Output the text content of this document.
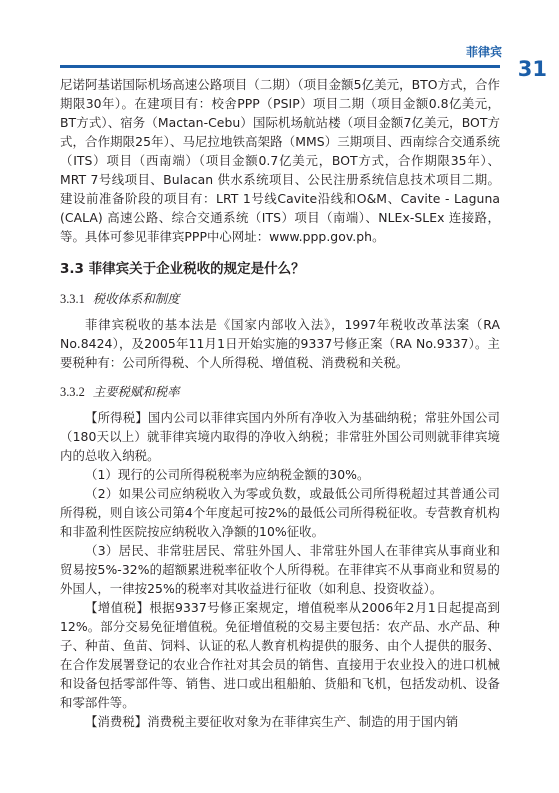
菲律宾
31

尼诺阿基诺国际机场高速公路项目（二期）（项目金额5亿美元，BTO方式，合作期限30年）。在建项目有：校舍PPP（PSIP）项目二期（项目金额0.8亿美元，BT方式）、宿务（Mactan-Cebu）国际机场航站楼（项目金额7亿美元，BOT方式，合作期限25年）、马尼拉地铁高架路（MMS）三期项目、西南综合交通系统（ITS）项目（西南端）（项目金额0.7亿美元，BOT方式，合作期限35年）、MRT 7号线项目、Bulacan 供水系统项目、公民注册系统信息技术项目二期。建设前准备阶段的项目有：LRT 1号线Cavite沿线和O&M、Cavite - Laguna (CALA) 高速公路、综合交通系统（ITS）项目（南端）、NLEx-SLEx 连接路，等。具体可参见菲律宾PPP中心网址：www.ppp.gov.ph。

3.3 菲律宾关于企业税收的规定是什么？
3.3.1 税收体系和制度

菲律宾税收的基本法是《国家内部收入法》，1997年税收改革法案（RA No.8424），及2005年11月1日开始实施的9337号修正案（RA No.9337）。主要税种有：公司所得税、个人所得税、增值税、消费税和关税。

3.3.2 主要税赋和税率

【所得税】国内公司以菲律宾国内外所有净收入为基础纳税；常驻外国公司（180天以上）就菲律宾境内取得的净收入纳税；非常驻外国公司则就菲律宾境内的总收入纳税。

（1）现行的公司所得税税率为应纳税金额的30%。

（2）如果公司应纳税收入为零或负数，或最低公司所得税超过其普通公司所得税，则自该公司第4个年度起可按2%的最低公司所得税征收。专营教育机构和非盈利性医院按应纳税收入净额的10%征收。

（3）居民、非常驻居民、常驻外国人、非常驻外国人在菲律宾从事商业和贸易按5%-32%的超额累进税率征收个人所得税。在菲律宾不从事商业和贸易的外国人，一律按25%的税率对其收益进行征收（如利息、投资收益）。

【增值税】根据9337号修正案规定，增值税率从2006年2月1日起提高到12%。部分交易免征增值税。免征增值税的交易主要包括：农产品、水产品、种子、种苗、鱼苗、饲料、认证的私人教育机构提供的服务、由个人提供的服务、在合作发展署登记的农业合作社对其会员的销售、直接用于农业投入的进口机械和设备包括零部件等、销售、进口或出租船舶、货船和飞机，包括发动机、设备和零部件等。

【消费税】消费税主要征收对象为在菲律宾生产、制造的用于国内销
